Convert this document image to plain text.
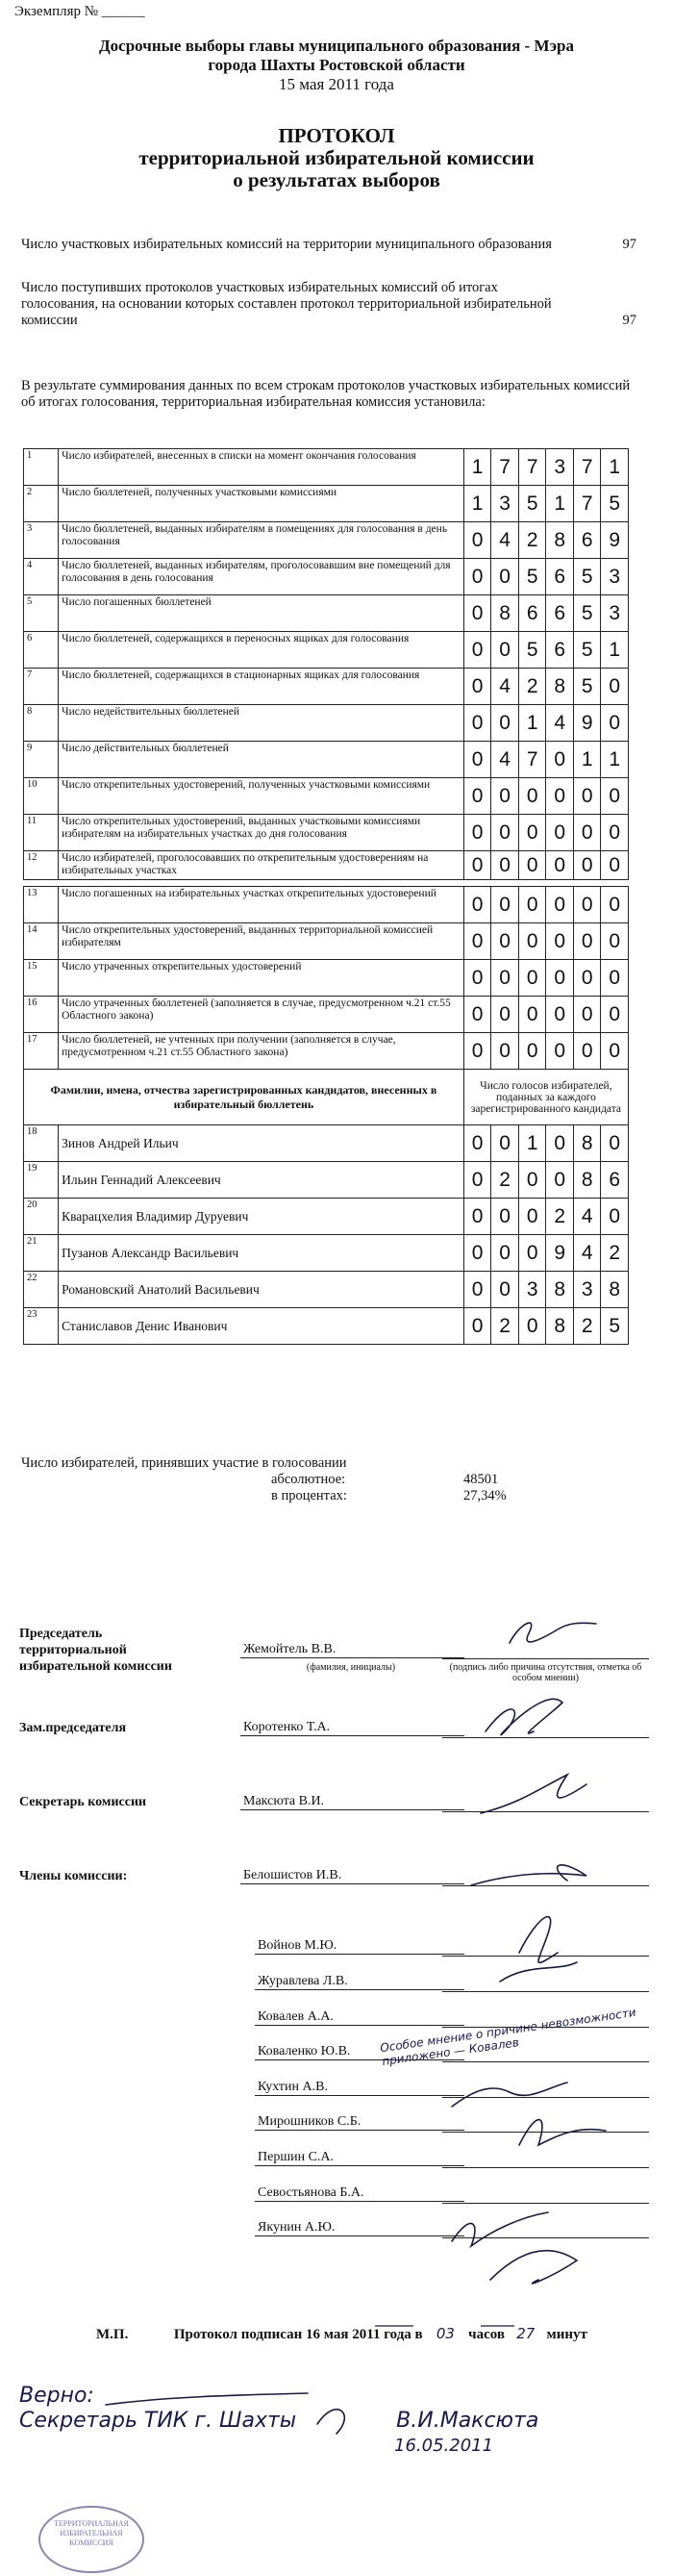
Экземпляр № ______
Досрочные выборы главы муниципального образования - Мэра
города Шахты Ростовской области
15 мая 2011 года
ПРОТОКОЛ
территориальной избирательной комиссии
о результатах выборов
Число участковых избирательных комиссий на территории муниципального образования	97
Число поступивших протоколов участковых избирательных комиссий об итогах голосования, на основании которых составлен протокол территориальной избирательной комиссии	97
В результате суммирования данных по всем строкам протоколов участковых избирательных комиссий об итогах голосования, территориальная избирательная комиссия установила:
1	Число избирателей, внесенных в списки на момент окончания голосования	1	7	7	3	7	1
2	Число бюллетеней, полученных участковыми комиссиями	1	3	5	1	7	5
3	Число бюллетеней, выданных избирателям в помещениях для голосования в день голосования	0	4	2	8	6	9
4	Число бюллетеней, выданных избирателям, проголосовавшим вне помещений для голосования в день голосования	0	0	5	6	5	3
5	Число погашенных бюллетеней	0	8	6	6	5	3
6	Число бюллетеней, содержащихся в переносных ящиках для голосования	0	0	5	6	5	1
7	Число бюллетеней, содержащихся в стационарных ящиках для голосования	0	4	2	8	5	0
8	Число недействительных бюллетеней	0	0	1	4	9	0
9	Число действительных бюллетеней	0	4	7	0	1	1
10	Число открепительных удостоверений, полученных участковыми комиссиями	0	0	0	0	0	0
11	Число открепительных удостоверений, выданных участковыми комиссиями избирателям на избирательных участках до дня голосования	0	0	0	0	0	0
12	Число избирателей, проголосовавших по открепительным удостоверениям на избирательных участках	0	0	0	0	0	0

13	Число погашенных на избирательных участках открепительных удостоверений	0	0	0	0	0	0
14	Число открепительных удостоверений, выданных территориальной комиссией избирателям	0	0	0	0	0	0
15	Число утраченных открепительных удостоверений	0	0	0	0	0	0
16	Число утраченных бюллетеней (заполняется в случае, предусмотренном ч.21 ст.55 Областного закона)	0	0	0	0	0	0
17	Число бюллетеней, не учтенных при получении (заполняется в случае, предусмотренном ч.21 ст.55 Областного закона)	0	0	0	0	0	0
Фамилии, имена, отчества зарегистрированных кандидатов, внесенных в избирательный бюллетень		Число голосов избирателей, поданных за каждого зарегистрированного кандидата					
18	Зинов Андрей Ильич	0	0	1	0	8	0
19	Ильин Геннадий Алексеевич	0	2	0	0	8	6
20	Кварацхелия Владимир Дуруевич	0	0	0	2	4	0
21	Пузанов Александр Васильевич	0	0	0	9	4	2
22	Романовский Анатолий Васильевич	0	0	3	8	3	8
23	Станиславов Денис Иванович	0	2	0	8	2	5
Число избирателей, принявших участие в голосовании
абсолютное:	48501
в процентах:	27,34%
Председатель
территориальной
избирательной комиссии
Жемойтель В.В.
(фамилия, инициалы)	(подпись либо причина отсутствия, отметка об особом мнении)
Зам.председателя	Коротенко Т.А.
Секретарь комиссии	Максюта В.И.
Члены комиссии:	Белошистов И.В.
Войнов М.Ю.
Журавлева Л.В.
Ковалев А.А.
Коваленко Ю.В.
Кухтин А.В.
Мирошников С.Б.
Першин С.А.
Севостьянова Б.А.
Якунин А.Ю.
Особое мнение о причине невозможности приложено — Ковалев
М.П.	Протокол подписан 16 мая 2011 года в 03 часов 27 минут
Верно:
Секретарь ТИК г. Шахты	В.И.Максюта
16.05.2011
ТЕРРИТОРИАЛЬНАЯ ИЗБИРАТЕЛЬНАЯ КОМИССИЯ
